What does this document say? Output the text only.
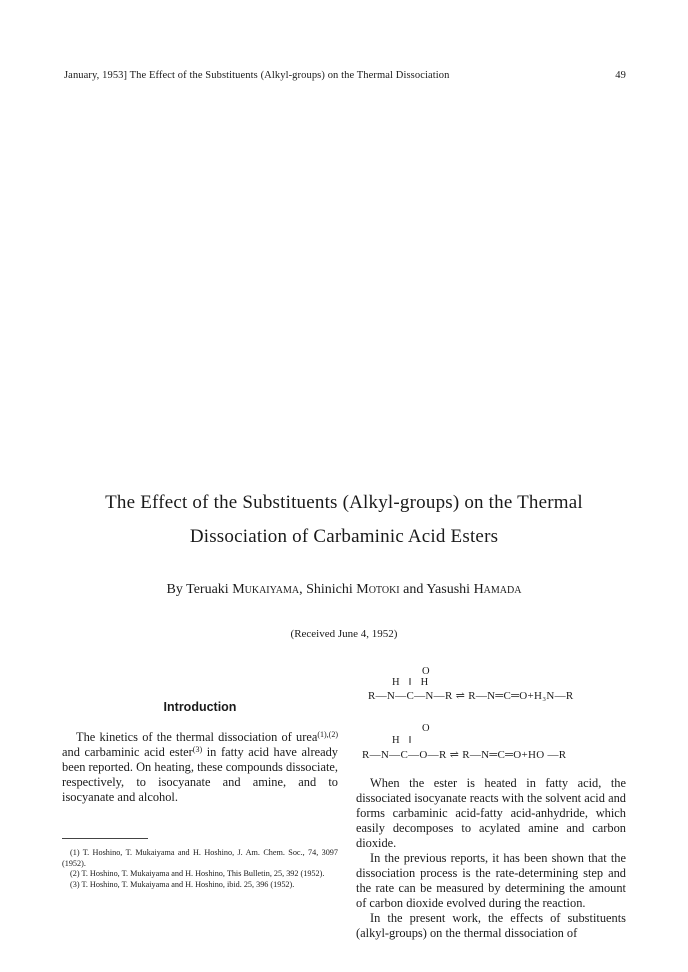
January, 1953] The Effect of the Substituents (Alkyl-groups) on the Thermal Dissociation	49
The Effect of the Substituents (Alkyl-groups) on the Thermal
Dissociation of Carbaminic Acid Esters
By Teruaki Mukaiyama, Shinichi Motoki and Yasushi Hamada
(Received June 4, 1952)
Introduction
The kinetics of the thermal dissociation of urea$^{(1),(2)}$ and carbaminic acid ester$^{(3)}$ in fatty acid have already been reported. On heating, these compounds dissociate, respectively, to isocyanate and amine, and to isocyanate and alcohol.
(1) T. Hoshino, T. Mukaiyama and H. Hoshino, J. Am. Chem. Soc., 74, 3097 (1952).
(2) T. Hoshino, T. Mukaiyama and H. Hoshino, This Bulletin, 25, 392 (1952).
(3) T. Hoshino, T. Mukaiyama and H. Hoshino, ibid. 25, 396 (1952).

O

H   ‖   H

R—N—C—N—R ⇌ R—N═C═O+H₃N—R

O

H   ‖

R—N—C—O—R ⇌ R—N═C═O+HO —R

When the ester is heated in fatty acid, the dissociated isocyanate reacts with the solvent acid and forms carbaminic acid-fatty acid-anhydride, which easily decomposes to acylated amine and carbon dioxide.

In the previous reports, it has been shown that the dissociation process is the rate-determining step and the rate can be measured by determining the amount of carbon dioxide evolved during the reaction.

In the present work, the effects of substituents (alkyl-groups) on the thermal dissociation of
